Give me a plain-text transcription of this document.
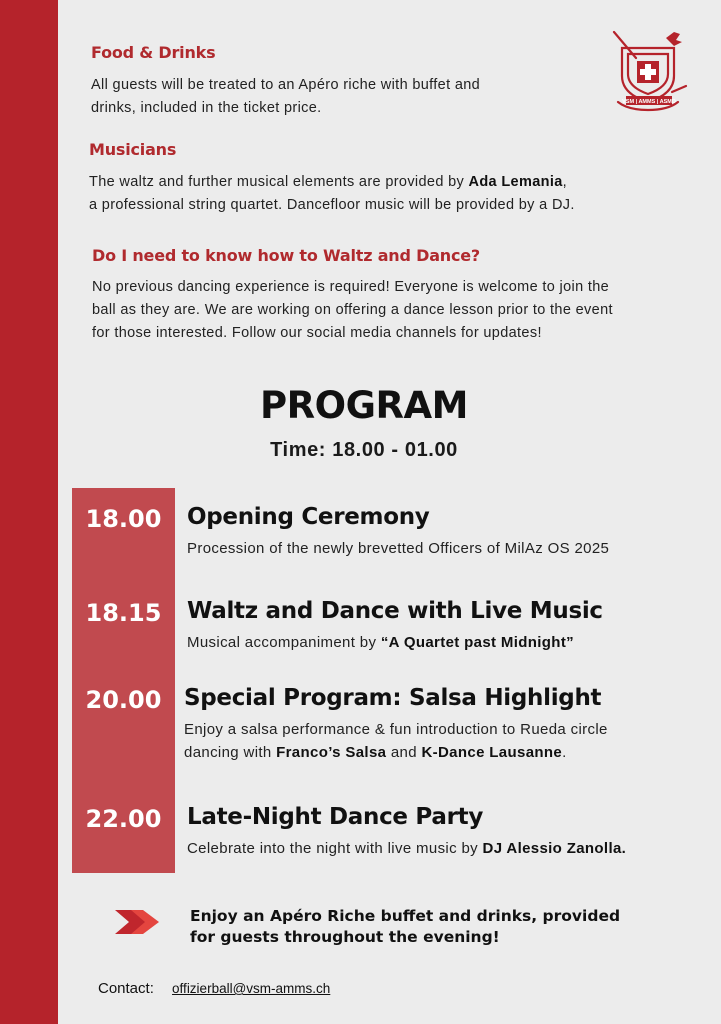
VSM | AMMS | ASMD
Food & Drinks
All guests will be treated to an Apéro riche with buffet and
drinks, included in the ticket price.
Musicians
The waltz and further musical elements are provided by Ada Lemania,
a professional string quartet. Dancefloor music will be provided by a DJ.
Do I need to know how to Waltz and Dance?
No previous dancing experience is required! Everyone is welcome to join the
ball as they are. We are working on offering a dance lesson prior to the event
for those interested. Follow our social media channels for updates!
PROGRAM
Time: 18.00 - 01.00
18.00	Opening Ceremony
Procession of the newly brevetted Officers of MilAz OS 2025
18.15	Waltz and Dance with Live Music
Musical accompaniment by “A Quartet past Midnight”
20.00 Special Program: Salsa Highlight
Enjoy a salsa performance & fun introduction to Rueda circle
dancing with Franco’s Salsa and K-Dance Lausanne.
22.00	Late-Night Dance Party
Celebrate into the night with live music by DJ Alessio Zanolla.
Enjoy an Apéro Riche buffet and drinks, provided
for guests throughout the evening!
Contact: offizierball@vsm-amms.ch
